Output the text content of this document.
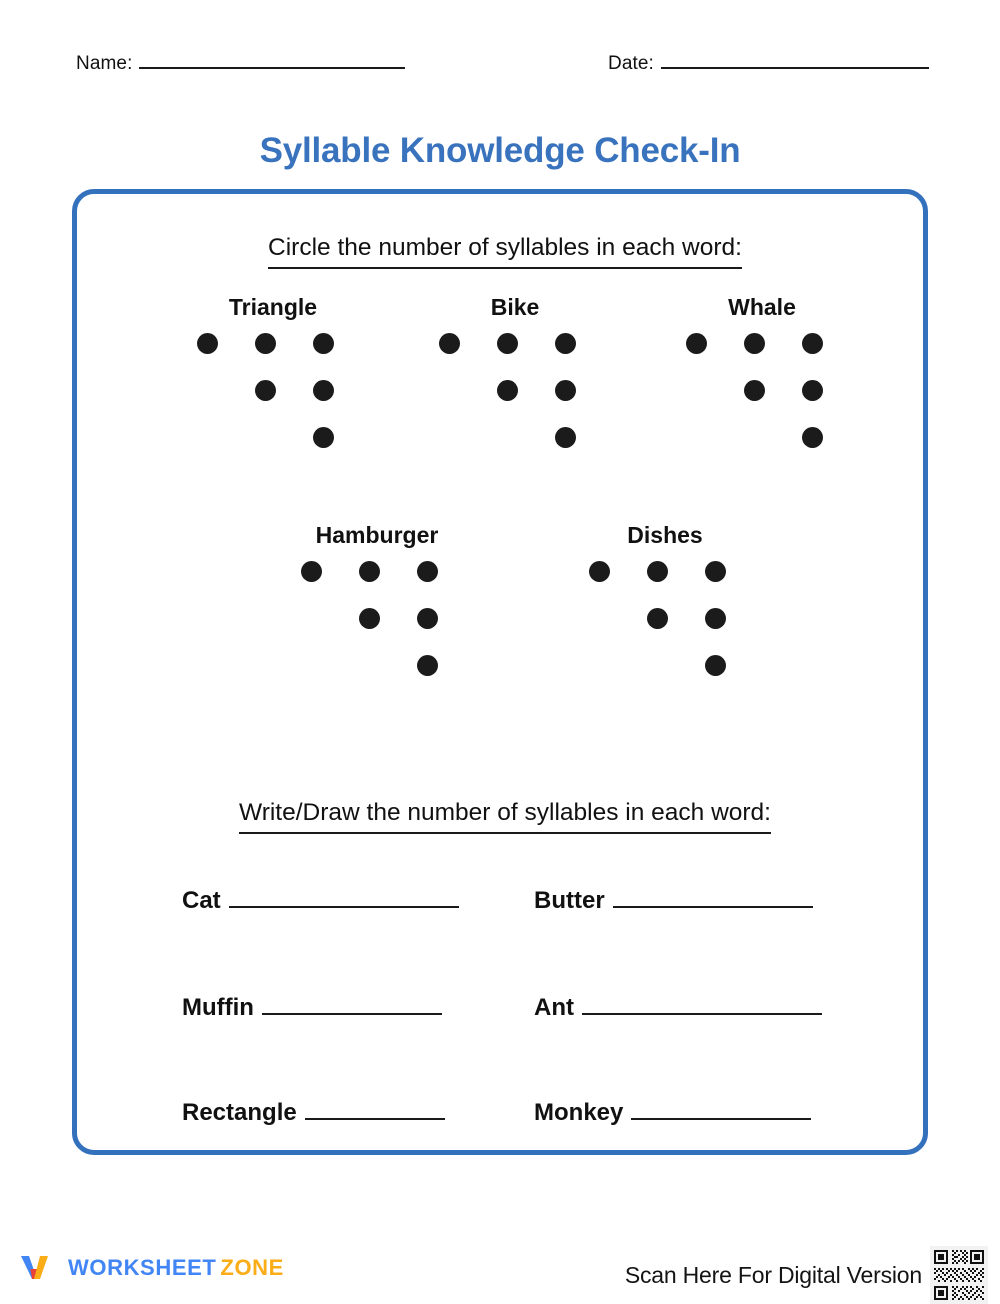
Name:	Date:
Syllable Knowledge Check-In
Circle the number of syllables in each word:
Triangle	Bike	Whale
Hamburger	Dishes
Write/Draw the number of syllables in each word:
Cat	Butter
Muffin	Ant
Rectangle	Monkey
WORKSHEET ZONE	Scan Here For Digital Version
